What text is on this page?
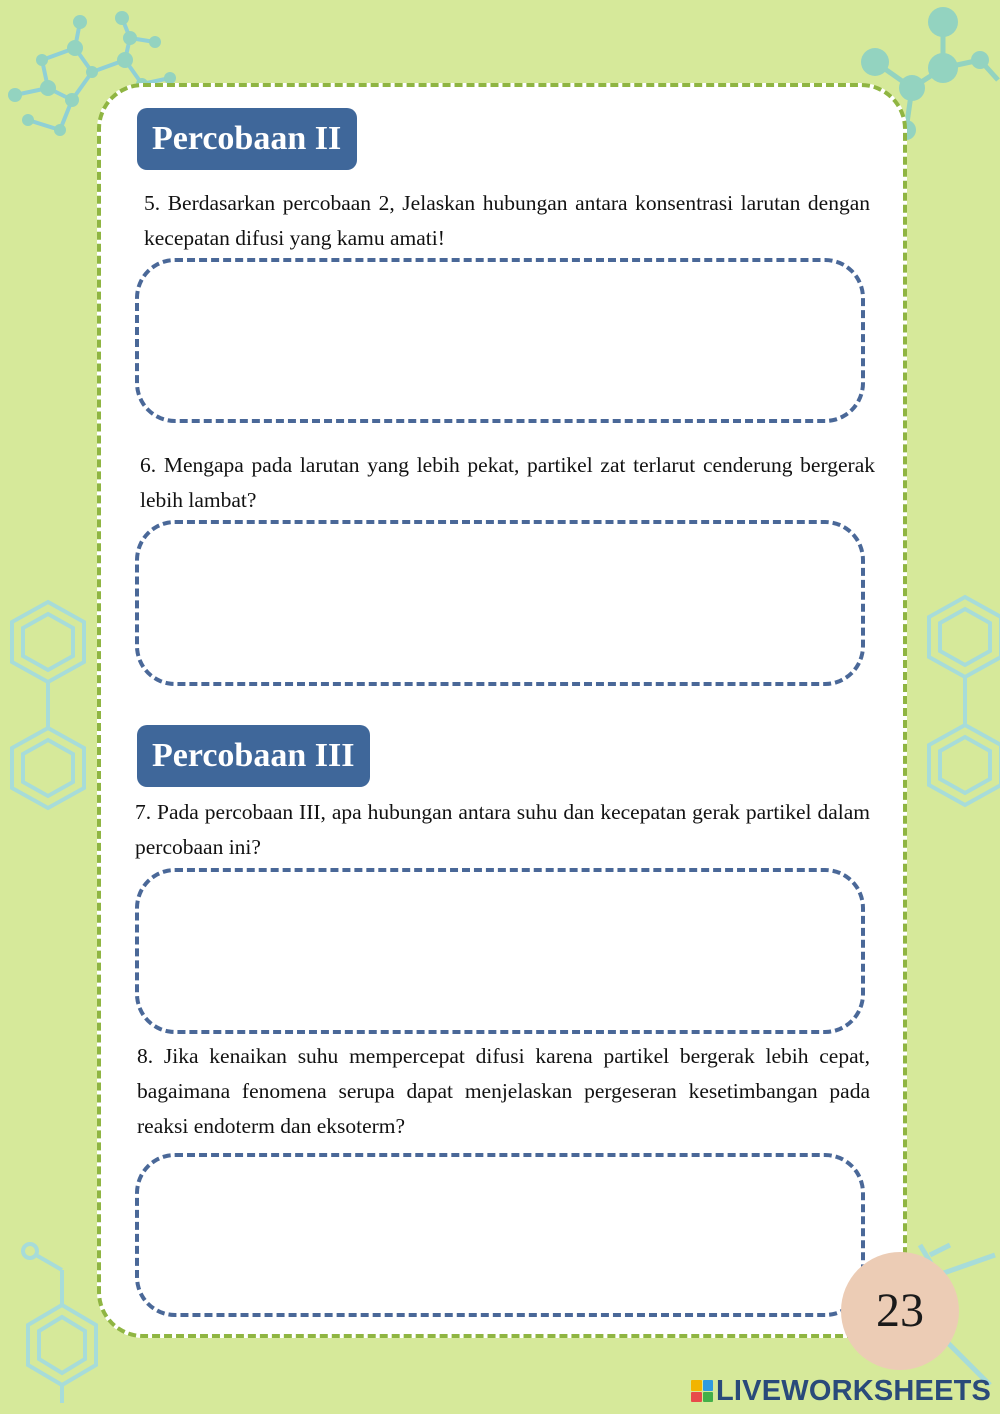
Percobaan II

5. Berdasarkan percobaan 2, Jelaskan hubungan antara konsentrasi larutan dengan kecepatan difusi yang kamu amati!

6. Mengapa pada larutan yang lebih pekat, partikel zat terlarut cenderung bergerak lebih lambat?

Percobaan III

7. Pada percobaan III, apa hubungan antara suhu dan kecepatan gerak partikel dalam percobaan ini?

8. Jika kenaikan suhu mempercepat difusi karena partikel bergerak lebih cepat, bagaimana fenomena serupa dapat menjelaskan pergeseran kesetimbangan pada reaksi endoterm dan eksoterm?

23
LIVEWORKSHEETS
